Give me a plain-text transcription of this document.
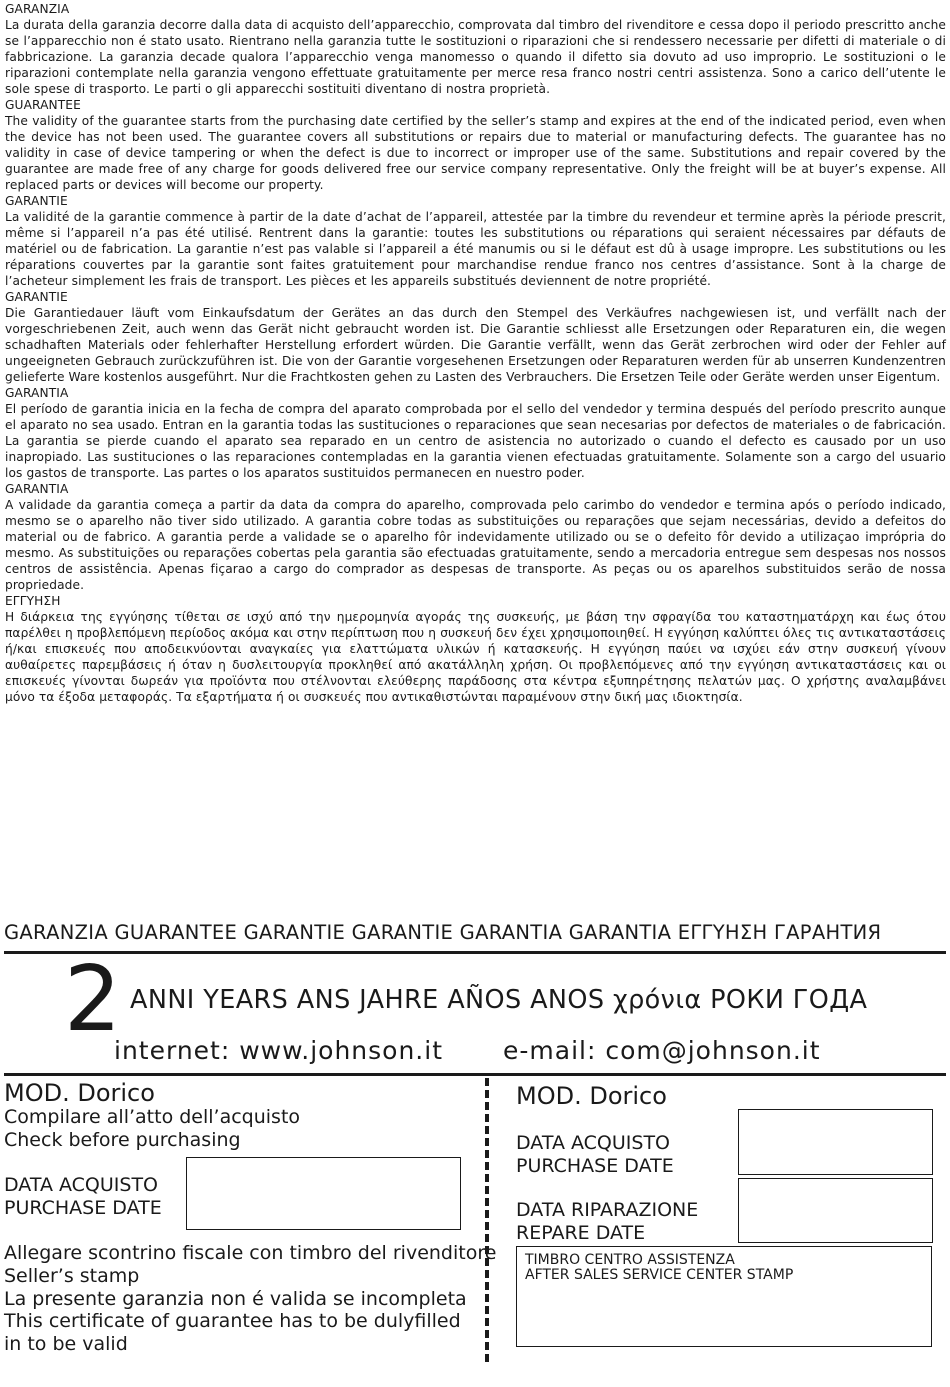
GARANZIA
La durata della garanzia decorre dalla data di acquisto dell’apparecchio, comprovata dal timbro del rivenditore e cessa dopo il periodo prescritto anche se l’apparecchio non é stato usato. Rientrano nella garanzia tutte le sostituzioni o riparazioni che si rendessero necessarie per difetti di materiale o di fabbricazione. La garanzia decade qualora l’apparecchio venga manomesso o quando il difetto sia dovuto ad uso improprio. Le sostituzioni o le riparazioni contemplate nella garanzia vengono effettuate gratuitamente per merce resa franco nostri centri assistenza. Sono a carico dell’utente le sole spese di trasporto. Le parti o gli apparecchi sostituiti diventano di nostra proprietà.
GUARANTEE
The validity of the guarantee starts from the purchasing date certified by the seller’s stamp and expires at the end of the indicated period, even when the device has not been used. The guarantee covers all substitutions or repairs due to material or manufacturing defects. The guarantee has no validity in case of device tampering or when the defect is due to incorrect or improper use of the same. Substitutions and repair covered by the guarantee are made free of any charge for goods delivered free our service company representative. Only the freight will be at buyer’s expense. All replaced parts or devices will become our property.
GARANTIE
La validité de la garantie commence à partir de la date d’achat de l’appareil, attestée par la timbre du revendeur et termine après la période prescrit, même si l’appareil n’a pas été utilisé. Rentrent dans la garantie: toutes les substitutions ou réparations qui seraient nécessaires par défauts de matériel ou de fabrication. La garantie n’est pas valable si l’appareil a été manumis ou si le défaut est dû à usage impropre. Les substitutions ou les réparations couvertes par la garantie sont faites gratuitement pour marchandise rendue franco nos centres d’assistance. Sont à la charge de l’acheteur simplement les frais de transport. Les pièces et les appareils substitués deviennent de notre propriété.
GARANTIE
Die Garantiedauer läuft vom Einkaufsdatum der Gerätes an das durch den Stempel des Verkäufres nachgewiesen ist, und verfällt nach der vorgeschriebenen Zeit, auch wenn das Gerät nicht gebraucht worden ist. Die Garantie schliesst alle Ersetzungen oder Reparaturen ein, die wegen schadhaften Materials oder fehlerhafter Herstellung erfordert würden. Die Garantie verfällt, wenn das Gerät zerbrochen wird oder der Fehler auf ungeeigneten Gebrauch zurückzuführen ist. Die von der Garantie vorgesehenen Ersetzungen oder Reparaturen werden für ab unserren Kundenzentren gelieferte Ware kostenlos ausgeführt. Nur die Frachtkosten gehen zu Lasten des Verbrauchers. Die Ersetzen Teile oder Geräte werden unser Eigentum.
GARANTIA
El período de garantia inicia en la fecha de compra del aparato comprobada por el sello del vendedor y termina después del período prescrito aunque el aparato no sea usado. Entran en la garantia todas las sustituciones o reparaciones que sean necesarias por defectos de materiales o de fabricación. La garantia se pierde cuando el aparato sea reparado en un centro de asistencia no autorizado o cuando el defecto es causado por un uso inapropiado. Las sustituciones o las reparaciones contempladas en la garantia vienen efectuadas gratuitamente. Solamente son a cargo del usuario los gastos de transporte. Las partes o los aparatos sustituidos permanecen en nuestro poder.
GARANTIA
A validade da garantia começa a partir da data da compra do aparelho, comprovada pelo carimbo do vendedor e termina após o período indicado, mesmo se o aparelho não tiver sido utilizado. A garantia cobre todas as substituições ou reparações que sejam necessárias, devido a defeitos do material ou de fabrico. A garantia perde a validade se o aparelho fôr indevidamente utilizado ou se o defeito fôr devido a utilizaçao imprópria do mesmo. As substituições ou reparações cobertas pela garantia são efectuadas gratuitamente, sendo a mercadoria entregue sem despesas nos nossos centros de assistência. Apenas fiçarao a cargo do comprador as despesas de transporte. As peças ou os aparelhos substituidos serão de nossa propriedade.
ΕΓΓΥΗΣΗ
Η διάρκεια της εγγύησης τίθεται σε ισχύ από την ημερομηνία αγοράς της συσκευής, με βάση την σφραγίδα του καταστηματάρχη και έως ότου παρέλθει η προβλεπόμενη περίοδος ακόμα και στην περίπτωση που η συσκευή δεν έχει χρησιμοποιηθεί. Η εγγύηση καλύπτει όλες τις αντικαταστάσεις ή/και επισκευές που αποδεικνύονται αναγκαίες για ελαττώματα υλικών ή κατασκευής. Η εγγύηση παύει να ισχύει εάν στην συσκευή γίνουν αυθαίρετες παρεμβάσεις ή όταν η δυσλειτουργία προκληθεί από ακατάλληλη χρήση. Οι προβλεπόμενες από την εγγύηση αντικαταστάσεις και οι επισκευές γίνονται δωρεάν για προϊόντα που στέλνονται ελεύθερης παράδοσης στα κέντρα εξυπηρέτησης πελατών μας. Ο χρήστης αναλαμβάνει μόνο τα έξοδα μεταφοράς. Τα εξαρτήματα ή οι συσκευές που αντικαθιστώνται παραμένουν στην δική μας ιδιοκτησία.
GARANZIA GUARANTEE GARANTIE GARANTIE GARANTIA GARANTIA ΕΓΓΥΗΣΗ ГАРАНТИЯ
2 ANNI YEARS ANS JAHRE AÑOS ANOS χρόνια РОКИ ГОДА
internet: www.johnson.it e-mail: com@johnson.it
MOD. Dorico
Compilare all’atto dell’acquisto
Check before purchasing
DATA ACQUISTO
PURCHASE DATE
Allegare scontrino fiscale con timbro del rivenditore
Seller’s stamp
La presente garanzia non é valida se incompleta
This certificate of guarantee has to be dulyfilled
in to be valid
MOD. Dorico
DATA ACQUISTO
PURCHASE DATE
DATA RIPARAZIONE
REPARE DATE
TIMBRO CENTRO ASSISTENZA
AFTER SALES SERVICE CENTER STAMP
